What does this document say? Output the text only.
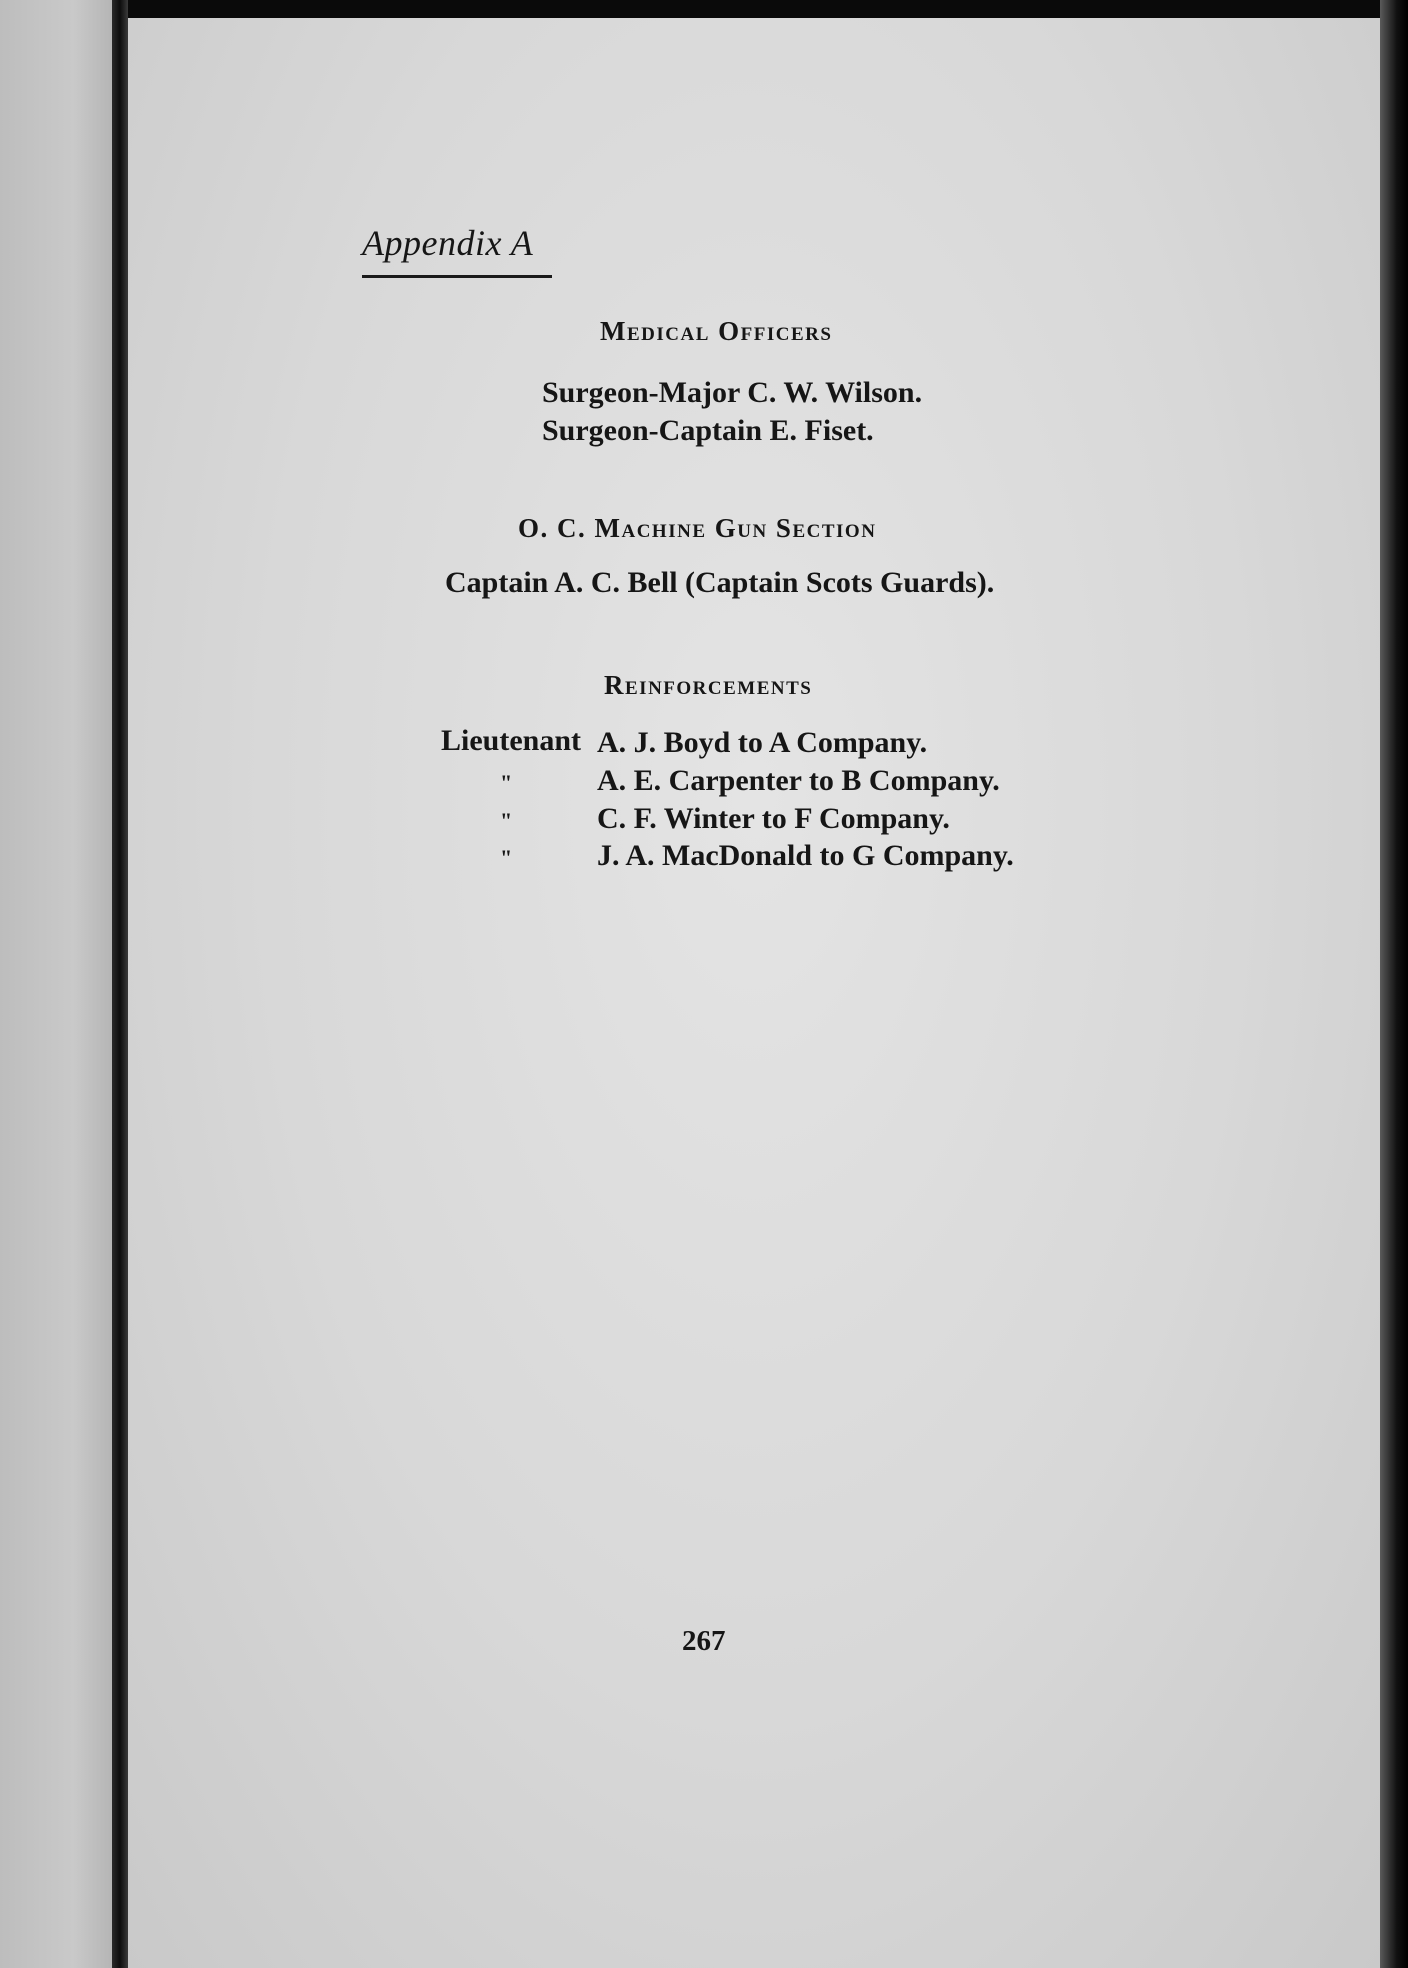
Appendix A
Medical Officers
Surgeon-Major C. W. Wilson.
Surgeon-Captain E. Fiset.
O. C. Machine Gun Section
Captain A. C. Bell (Captain Scots Guards).
Reinforcements
Lieutenant A. J. Boyd to A Company.
"	A. E. Carpenter to B Company.
"	C. F. Winter to F Company.
"	J. A. MacDonald to G Company.
267
